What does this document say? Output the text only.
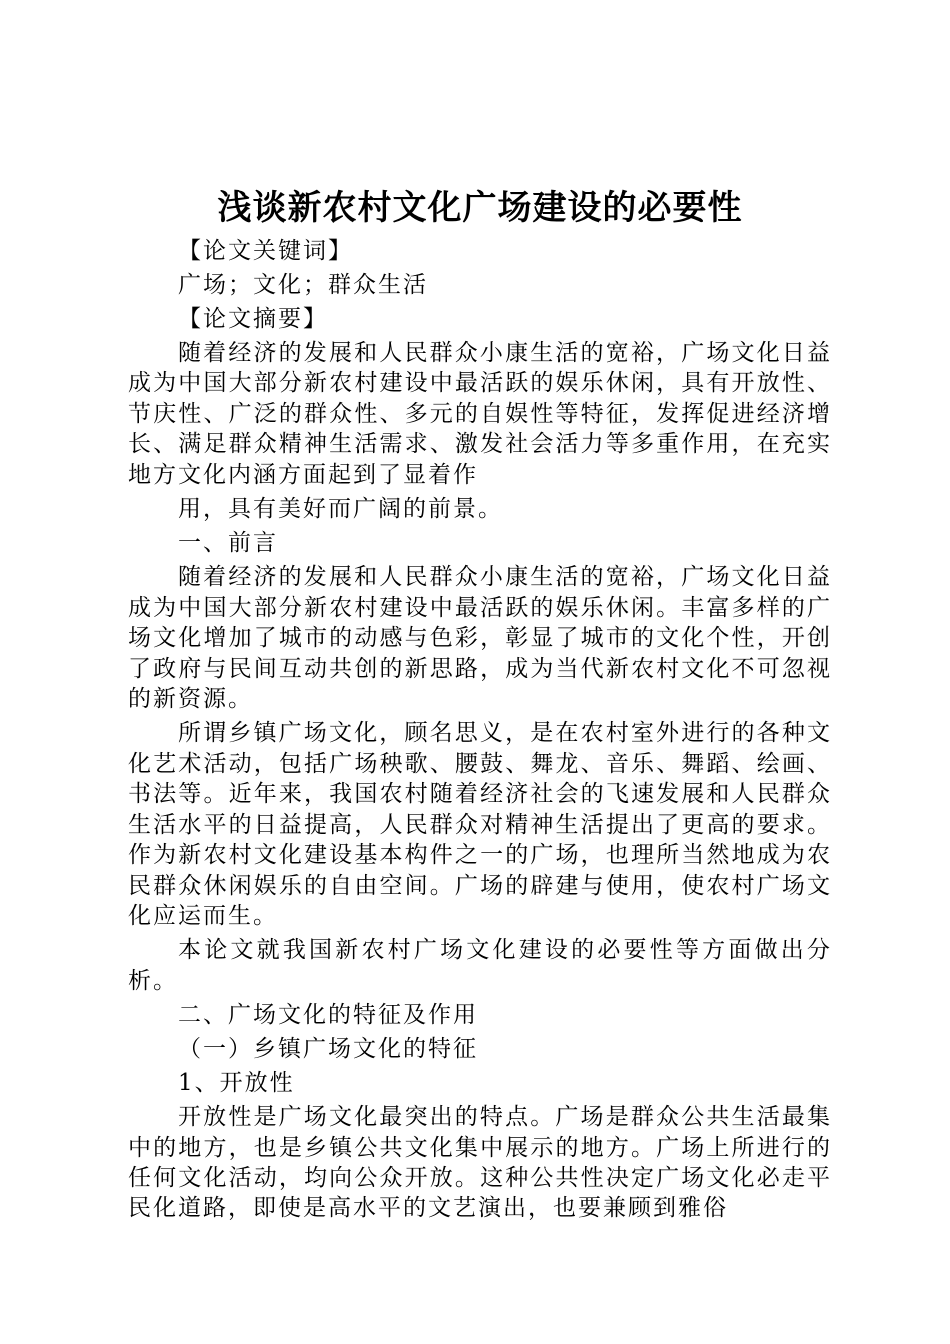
浅谈新农村文化广场建设的必要性
【论文关键词】
广场；文化；群众生活
【论文摘要】

随着经济的发展和人民群众小康生活的宽裕，广场文化日益成为中国大部分新农村建设中最活跃的娱乐休闲，具有开放性、节庆性、广泛的群众性、多元的自娱性等特征，发挥促进经济增长、满足群众精神生活需求、激发社会活力等多重作用，在充实地方文化内涵方面起到了显着作

用，具有美好而广阔的前景。

一、前言

随着经济的发展和人民群众小康生活的宽裕，广场文化日益成为中国大部分新农村建设中最活跃的娱乐休闲。丰富多样的广场文化增加了城市的动感与色彩，彰显了城市的文化个性，开创了政府与民间互动共创的新思路，成为当代新农村文化不可忽视的新资源。

所谓乡镇广场文化，顾名思义，是在农村室外进行的各种文化艺术活动，包括广场秧歌、腰鼓、舞龙、音乐、舞蹈、绘画、书法等。近年来，我国农村随着经济社会的飞速发展和人民群众生活水平的日益提高，人民群众对精神生活提出了更高的要求。作为新农村文化建设基本构件之一的广场，也理所当然地成为农民群众休闲娱乐的自由空间。广场的辟建与使用，使农村广场文化应运而生。

本论文就我国新农村广场文化建设的必要性等方面做出分析。

二、广场文化的特征及作用
（一）乡镇广场文化的特征
1、开放性

开放性是广场文化最突出的特点。广场是群众公共生活最集中的地方，也是乡镇公共文化集中展示的地方。广场上所进行的任何文化活动，均向公众开放。这种公共性决定广场文化必走平民化道路，即使是高水平的文艺演出，也要兼顾到雅俗
